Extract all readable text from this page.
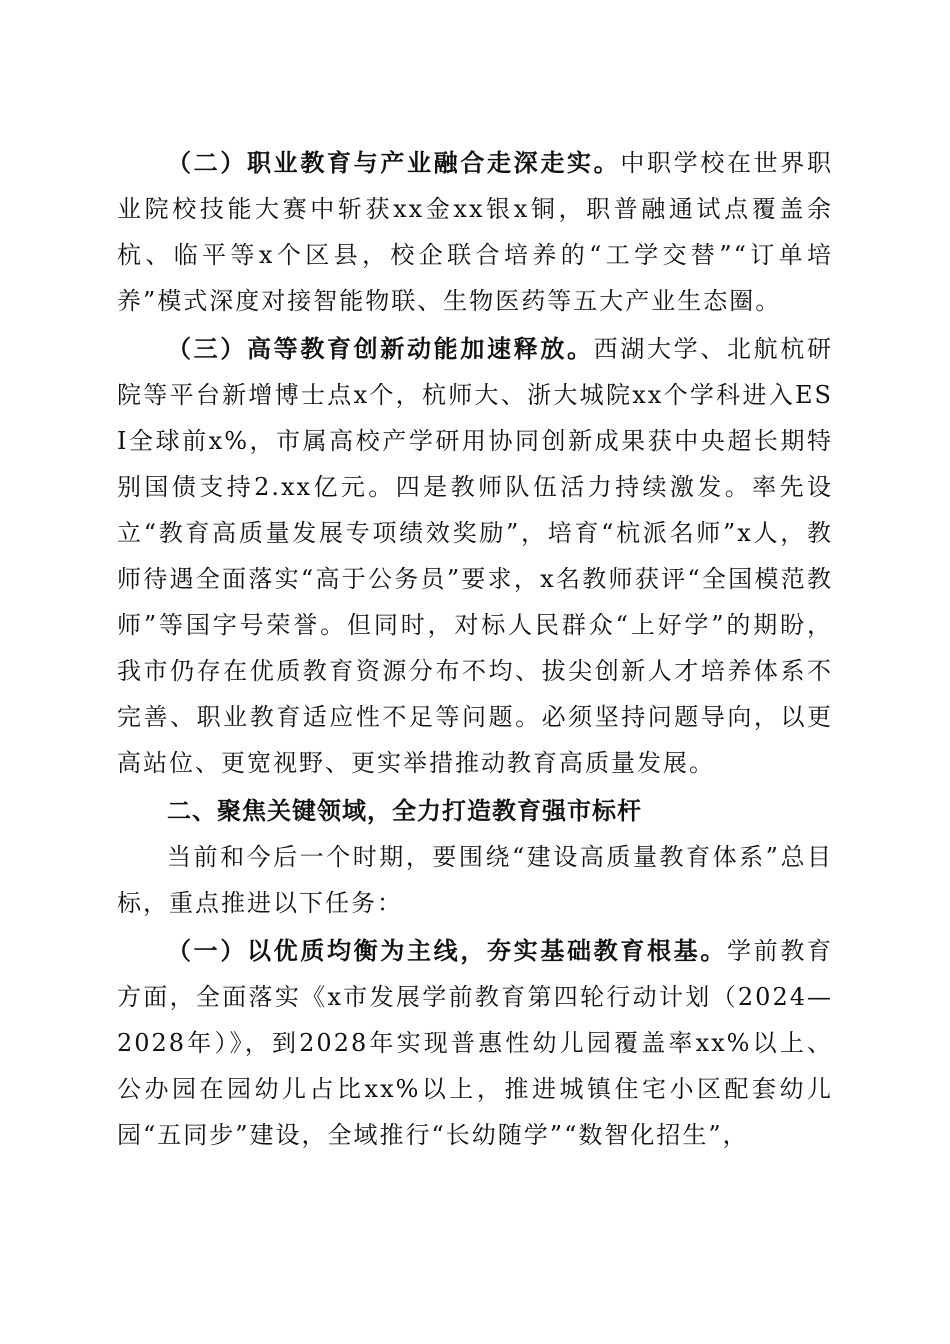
（二）职业教育与产业融合走深走实。中职学校在世界职业院校技能大赛中斩获xx金xx银x铜，职普融通试点覆盖余杭、临平等x个区县，校企联合培养的“工学交替”“订单培养”模式深度对接智能物联、生物医药等五大产业生态圈。

（三）高等教育创新动能加速释放。西湖大学、北航杭研院等平台新增博士点x个，杭师大、浙大城院xx个学科进入ESI全球前x%，市属高校产学研用协同创新成果获中央超长期特别国债支持2.xx亿元。四是教师队伍活力持续激发。率先设立“教育高质量发展专项绩效奖励”，培育“杭派名师”x人，教师待遇全面落实“高于公务员”要求，x名教师获评“全国模范教师”等国字号荣誉。但同时，对标人民群众“上好学”的期盼，我市仍存在优质教育资源分布不均、拔尖创新人才培养体系不完善、职业教育适应性不足等问题。必须坚持问题导向，以更高站位、更宽视野、更实举措推动教育高质量发展。

二、聚焦关键领域，全力打造教育强市标杆

当前和今后一个时期，要围绕“建设高质量教育体系”总目标，重点推进以下任务：

（一）以优质均衡为主线，夯实基础教育根基。学前教育方面，全面落实《x市发展学前教育第四轮行动计划（2024—2028年）》，到2028年实现普惠性幼儿园覆盖率xx%以上、公办园在园幼儿占比xx%以上，推进城镇住宅小区配套幼儿园“五同步”建设，全域推行“长幼随学”“数智化招生”，
